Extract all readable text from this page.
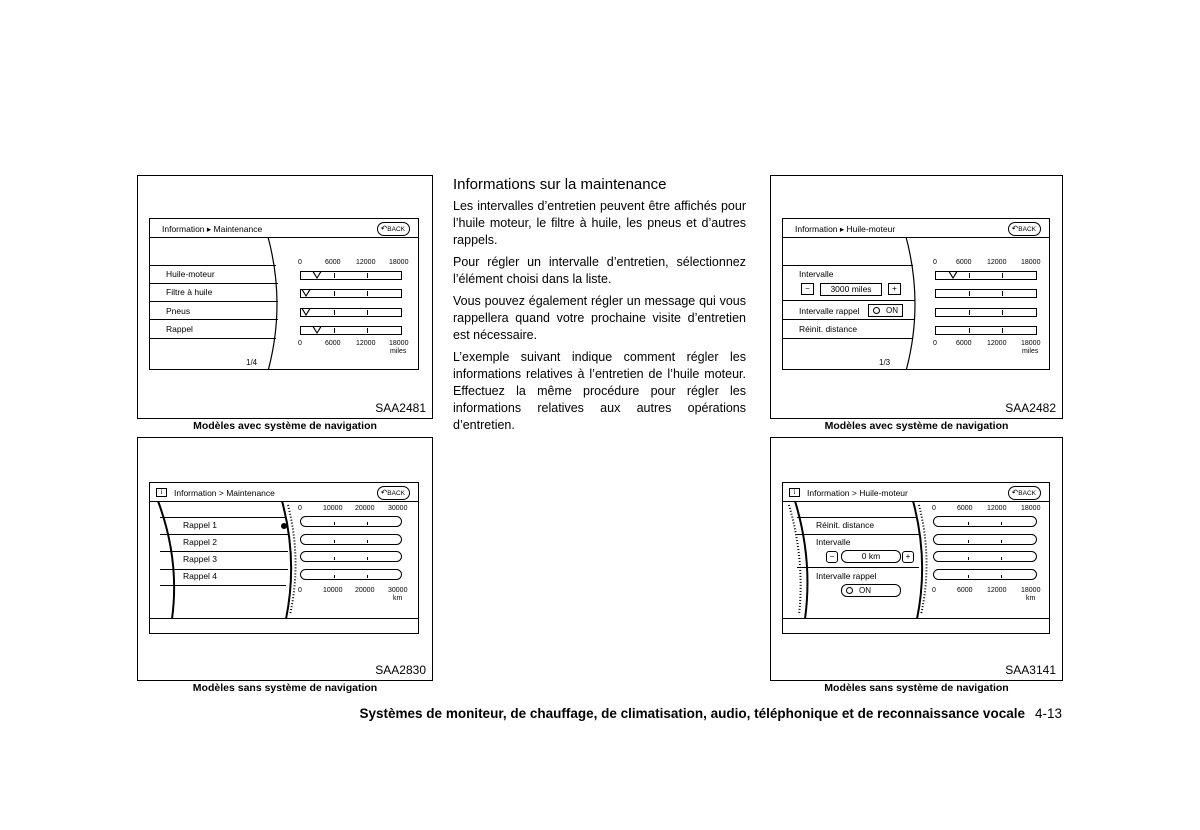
Information ▸ Maintenance	↶BACK
Huile-moteur
Filtre à huile
Pneus
Rappel
1/4
0	6000 12000 18000
0	6000 12000 18000
miles
SAA2481
Modèles avec système de navigation
Information ▸ Huile-moteur	↶BACK
Intervalle
−	3000 miles	+
Intervalle rappel	ON
Réinit. distance
1/3
0	6000 12000 18000
0	6000 12000 18000
miles
SAA2482
Modèles avec système de navigation
i	Information > Maintenance	↶BACK
Rappel 1
Rappel 2
Rappel 3
Rappel 4
0	10000 20000 30000
0	10000 20000 30000
km
SAA2830
Modèles sans système de navigation
i	Information > Huile-moteur	↶BACK
Réinit. distance
Intervalle
−	0 km	+
Intervalle rappel
ON
0	6000 12000 18000
0	6000 12000 18000
km
SAA3141
Modèles sans système de navigation
Informations sur la maintenance

Les intervalles d’entretien peuvent être affichés pour l’huile moteur, le filtre à huile, les pneus et d’autres rappels.

Pour régler un intervalle d’entretien, sélectionnez l’élément choisi dans la liste.

Vous pouvez également régler un message qui vous rappellera quand votre prochaine visite d’entretien est nécessaire.

L’exemple suivant indique comment régler les informations relatives à l’entretien de l’huile moteur. Effectuez la même procédure pour régler les informations relatives aux autres opérations d’entretien.

Systèmes de moniteur, de chauffage, de climatisation, audio, téléphonique et de reconnaissance vocale 4-13
